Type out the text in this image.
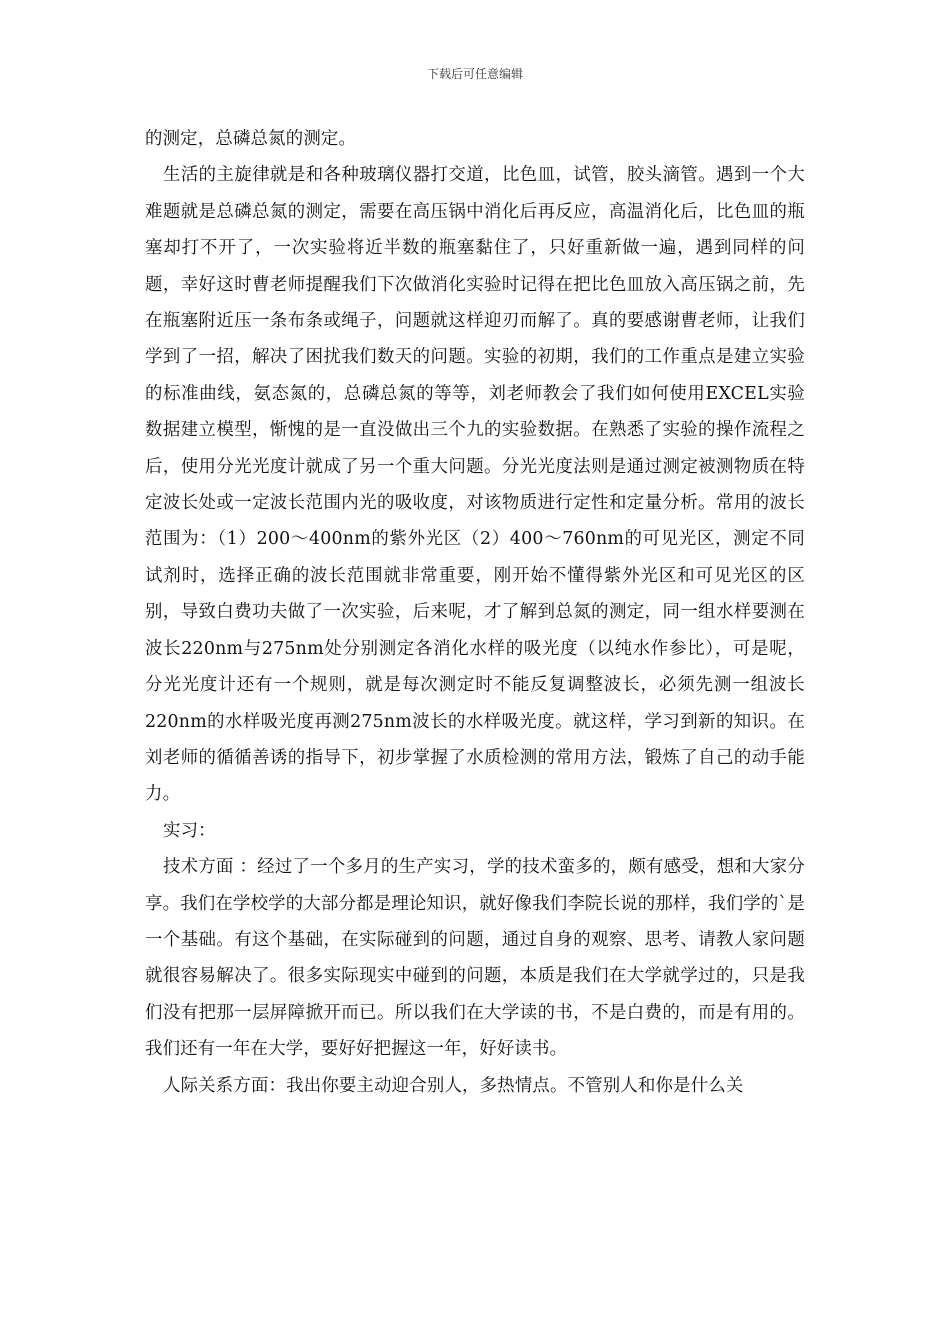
下载后可任意编辑

的测定，总磷总氮的测定。

生活的主旋律就是和各种玻璃仪器打交道，比色皿，试管，胶头滴管。遇到一个大难题就是总磷总氮的测定，需要在高压锅中消化后再反应，高温消化后，比色皿的瓶塞却打不开了，一次实验将近半数的瓶塞黏住了，只好重新做一遍，遇到同样的问题，幸好这时曹老师提醒我们下次做消化实验时记得在把比色皿放入高压锅之前，先在瓶塞附近压一条布条或绳子，问题就这样迎刃而解了。真的要感谢曹老师，让我们学到了一招，解决了困扰我们数天的问题。实验的初期，我们的工作重点是建立实验的标准曲线，氨态氮的，总磷总氮的等等，刘老师教会了我们如何使用EXCEL实验数据建立模型，惭愧的是一直没做出三个九的实验数据。在熟悉了实验的操作流程之后，使用分光光度计就成了另一个重大问题。分光光度法则是通过测定被测物质在特定波长处或一定波长范围内光的吸收度，对该物质进行定性和定量分析。常用的波长范围为：（1）200～400nm的紫外光区（2）400～760nm的可见光区，测定不同试剂时，选择正确的波长范围就非常重要，刚开始不懂得紫外光区和可见光区的区别，导致白费功夫做了一次实验，后来呢，才了解到总氮的测定，同一组水样要测在波长220nm与275nm处分别测定各消化水样的吸光度（以纯水作参比），可是呢，分光光度计还有一个规则，就是每次测定时不能反复调整波长，必须先测一组波长220nm的水样吸光度再测275nm波长的水样吸光度。就这样，学习到新的知识。在刘老师的循循善诱的指导下，初步掌握了水质检测的常用方法，锻炼了自己的动手能力。

实习：

技术方面 ：经过了一个多月的生产实习，学的技术蛮多的，颇有感受，想和大家分享。我们在学校学的大部分都是理论知识，就好像我们李院长说的那样，我们学的`是一个基础。有这个基础，在实际碰到的问题，通过自身的观察、思考、请教人家问题就很容易解决了。很多实际现实中碰到的问题，本质是我们在大学就学过的，只是我们没有把那一层屏障掀开而已。所以我们在大学读的书，不是白费的，而是有用的。我们还有一年在大学，要好好把握这一年，好好读书。

人际关系方面：我出你要主动迎合别人，多热情点。不管别人和你是什么关
